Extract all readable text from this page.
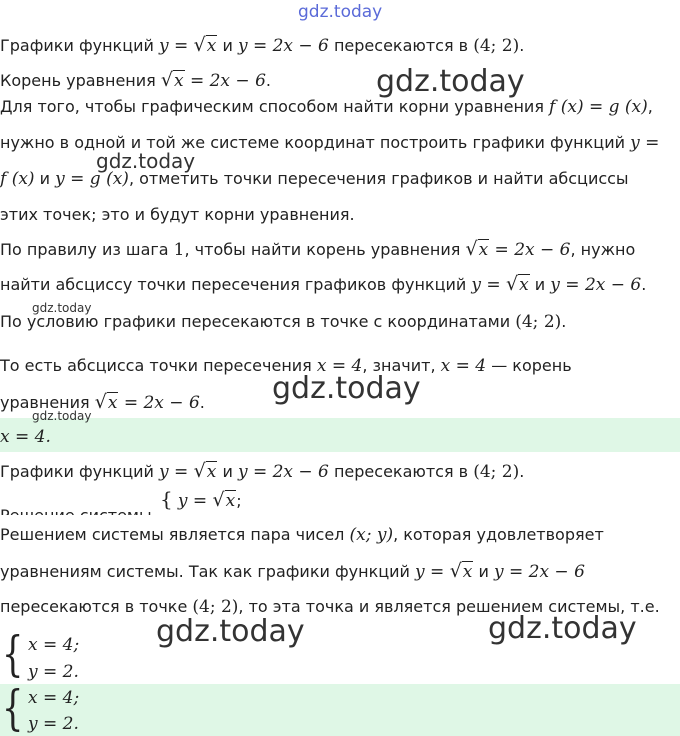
gdz.today
gdz.today
gdz.today
gdz.today
gdz.today
gdz.today
gdz.today	gdz.today
Графики функций y = √x и y = 2x − 6 пересекаются в (4; 2).
Корень уравнения √x = 2x − 6.
Для того, чтобы графическим способом найти корни уравнения f (x) = g (x),
нужно в одной и той же системе координат построить графики функций y =
f (x) и y = g (x), отметить точки пересечения графиков и найти абсциссы
этих точек; это и будут корни уравнения.
По правилу из шага 1, чтобы найти корень уравнения √x = 2x − 6, нужно
найти абсциссу точки пересечения графиков функций y = √x и y = 2x − 6.
По условию графики пересекаются в точке с координатами (4; 2).
То есть абсцисса точки пересечения x = 4, значит, x = 4 — корень
уравнения √x = 2x − 6.
x = 4.
Графики функций y = √x и y = 2x − 6 пересекаются в (4; 2).
{ y = √x;
Решением системы является пара чисел (x; y), которая удовлетворяет
уравнениям системы. Так как графики функций y = √x и y = 2x − 6
пересекаются в точке (4; 2), то эта точка и является решением системы, т.е.
{ x = 4;
y = 2.
{ x = 4;
y = 2.
